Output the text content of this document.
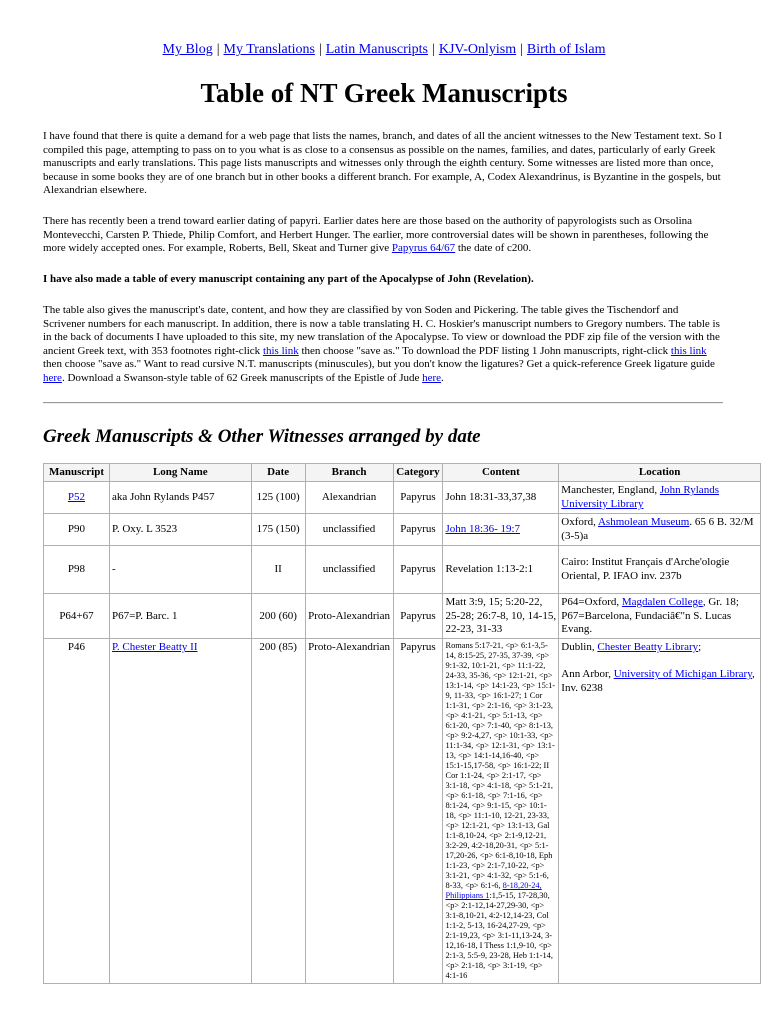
My Blog | My Translations | Latin Manuscripts | KJV-Onlyism | Birth of Islam
Table of NT Greek Manuscripts
I have found that there is quite a demand for a web page that lists the names, branch, and dates of all the ancient witnesses to the New Testament text. So I compiled this page, attempting to pass on to you what is as close to a consensus as possible on the names, families, and dates, particularly of early Greek manuscripts and early translations. This page lists manuscripts and witnesses only through the eighth century. Some witnesses are listed more than once, because in some books they are of one branch but in other books a different branch. For example, A, Codex Alexandrinus, is Byzantine in the gospels, but Alexandrian elsewhere.
There has recently been a trend toward earlier dating of papyri. Earlier dates here are those based on the authority of papyrologists such as Orsolina Montevecchi, Carsten P. Thiede, Philip Comfort, and Herbert Hunger. The earlier, more controversial dates will be shown in parentheses, following the more widely accepted ones. For example, Roberts, Bell, Skeat and Turner give Papyrus 64/67 the date of c200.
I have also made a table of every manuscript containing any part of the Apocalypse of John (Revelation).
The table also gives the manuscript's date, content, and how they are classified by von Soden and Pickering. The table gives the Tischendorf and Scrivener numbers for each manuscript. In addition, there is now a table translating H. C. Hoskier's manuscript numbers to Gregory numbers. The table is in the back of documents I have uploaded to this site, my new translation of the Apocalypse. To view or download the PDF zip file of the version with the ancient Greek text, with 353 footnotes right-click this link then choose "save as." To download the PDF listing 1 John manuscripts, right-click this link then choose "save as." Want to read cursive N.T. manuscripts (minuscules), but you don't know the ligatures? Get a quick-reference Greek ligature guide here. Download a Swanson-style table of 62 Greek manuscripts of the Epistle of Jude here.
Greek Manuscripts & Other Witnesses arranged by date
Manuscript	Long Name	Date	Branch	Category	Content	Location
P52	aka John Rylands P457	125 (100)	Alexandrian	Papyrus	John 18:31-33,37,38	Manchester, England, John Rylands University Library
P90	P. Oxy. L 3523	175 (150)	unclassified	Papyrus	John 18:36- 19:7	Oxford, Ashmolean Museum. 65 6 B. 32/M (3-5)a
P98	-	II	unclassified	Papyrus	Revelation 1:13-2:1	Cairo: Institut Français d'Arche'ologie Oriental, P. IFAO inv. 237b
P64+67	P67=P. Barc. 1	200 (60)	Proto-Alexandrian	Papyrus	Matt 3:9, 15; 5:20-22, 25-28; 26:7-8, 10, 14-15, 22-23, 31-33	P64=Oxford, Magdalen College, Gr. 18; P67=Barcelona, Fundaciâ€"n S. Lucas Evang.
P46	P. Chester Beatty II	200 (85)	Proto-Alexandrian	Papyrus	Romans 5:17-21, <p> 6:1-3,5-14, 8:15-25, 27-35, 37-39, <p> 9:1-32, 10:1-21, <p> 11:1-22, 24-33, 35-36, <p> 12:1-21, <p> 13:1-14, <p> 14:1-23, <p> 15:1-9, 11-33, <p> 16:1-27; 1 Cor 1:1-31, <p> 2:1-16, <p> 3:1-23, <p> 4:1-21, <p> 5:1-13, <p> 6:1-20, <p> 7:1-40, <p> 8:1-13, <p> 9:2-4,27, <p> 10:1-33, <p> 11:1-34, <p> 12:1-31, <p> 13:1-13, <p> 14:1-14,16-40, <p> 15:1-15,17-58, <p> 16:1-22; II Cor 1:1-24, <p> 2:1-17, <p> 3:1-18, <p> 4:1-18, <p> 5:1-21, <p> 6:1-18, <p> 7:1-16, <p> 8:1-24, <p> 9:1-15, <p> 10:1-18, <p> 11:1-10, 12-21, 23-33, <p> 12:1-21, <p> 13:1-13, Gal 1:1-8,10-24, <p> 2:1-9,12-21, 3:2-29, 4:2-18,20-31, <p> 5:1-17,20-26, <p> 6:1-8,10-18, Eph 1:1-23, <p> 2:1-7,10-22, <p> 3:1-21, <p> 4:1-32, <p> 5:1-6, 8-33, <p> 6:1-6, 8-18,20-24, Philippians 1:1,5-15, 17-28,30, <p> 2:1-12,14-27,29-30, <p> 3:1-8,10-21, 4:2-12,14-23, Col 1:1-2, 5-13, 16-24,27-29, <p> 2:1-19,23, <p> 3:1-11,13-24, 3-12,16-18, I Thess 1:1,9-10, <p> 2:1-3, 5:5-9, 23-28, Heb 1:1-14, <p> 2:1-18, <p> 3:1-19, <p> 4:1-16	Dublin, Chester Beatty Library;

Ann Arbor, University of Michigan Library, Inv. 6238
